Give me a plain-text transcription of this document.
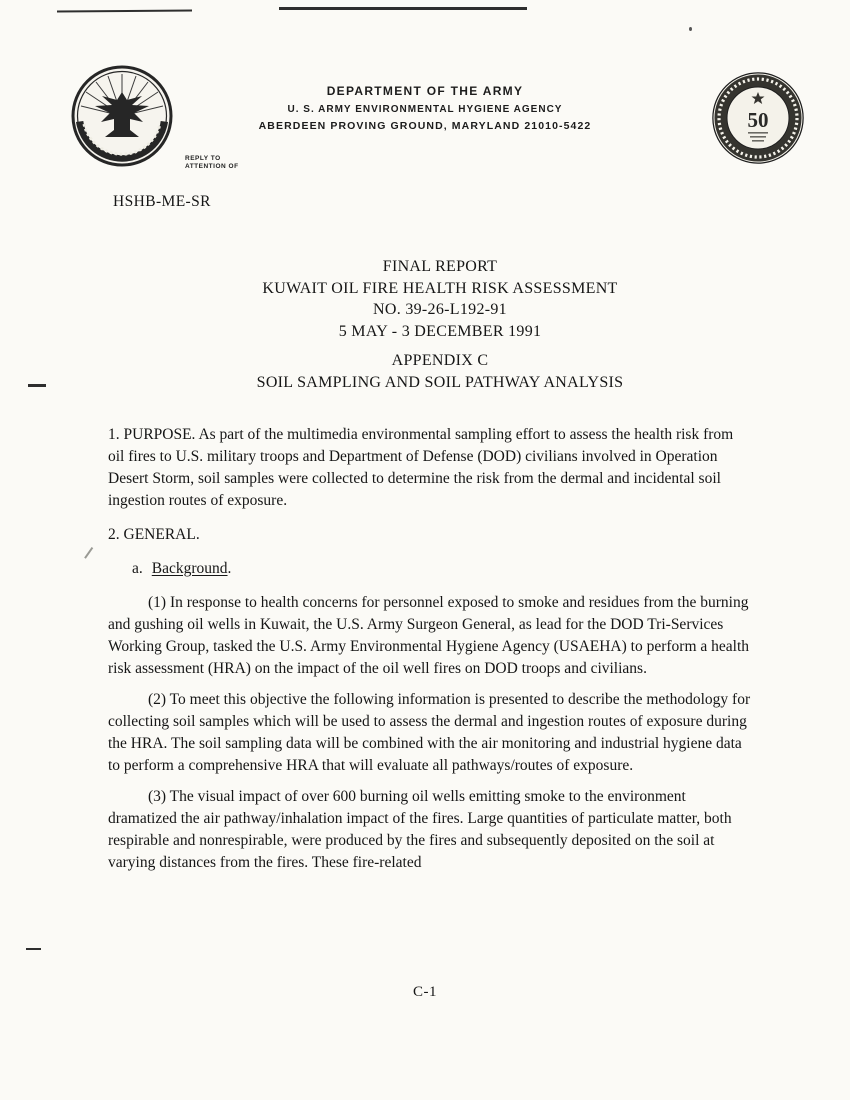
DEPARTMENT OF THE ARMY
U. S. ARMY ENVIRONMENTAL HYGIENE AGENCY
ABERDEEN PROVING GROUND, MARYLAND 21010-5422	50
REPLY TO
ATTENTION OF
HSHB-ME-SR
FINAL REPORT
KUWAIT OIL FIRE HEALTH RISK ASSESSMENT
NO. 39-26-L192-91
5 MAY - 3 DECEMBER 1991
APPENDIX C
SOIL SAMPLING AND SOIL PATHWAY ANALYSIS

1. PURPOSE. As part of the multimedia environmental sampling effort to assess the health risk from oil fires to U.S. military troops and Department of Defense (DOD) civilians involved in Operation Desert Storm, soil samples were collected to determine the risk from the dermal and incidental soil ingestion routes of exposure.

2. GENERAL.

a. Background.

(1) In response to health concerns for personnel exposed to smoke and residues from the burning and gushing oil wells in Kuwait, the U.S. Army Surgeon General, as lead for the DOD Tri-Services Working Group, tasked the U.S. Army Environmental Hygiene Agency (USAEHA) to perform a health risk assessment (HRA) on the impact of the oil well fires on DOD troops and civilians.

(2) To meet this objective the following information is presented to describe the methodology for collecting soil samples which will be used to assess the dermal and ingestion routes of exposure during the HRA. The soil sampling data will be combined with the air monitoring and industrial hygiene data to perform a comprehensive HRA that will evaluate all pathways/routes of exposure.

(3) The visual impact of over 600 burning oil wells emitting smoke to the environment dramatized the air pathway/inhalation impact of the fires. Large quantities of particulate matter, both respirable and nonrespirable, were produced by the fires and subsequently deposited on the soil at varying distances from the fires. These fire-related

C-1
